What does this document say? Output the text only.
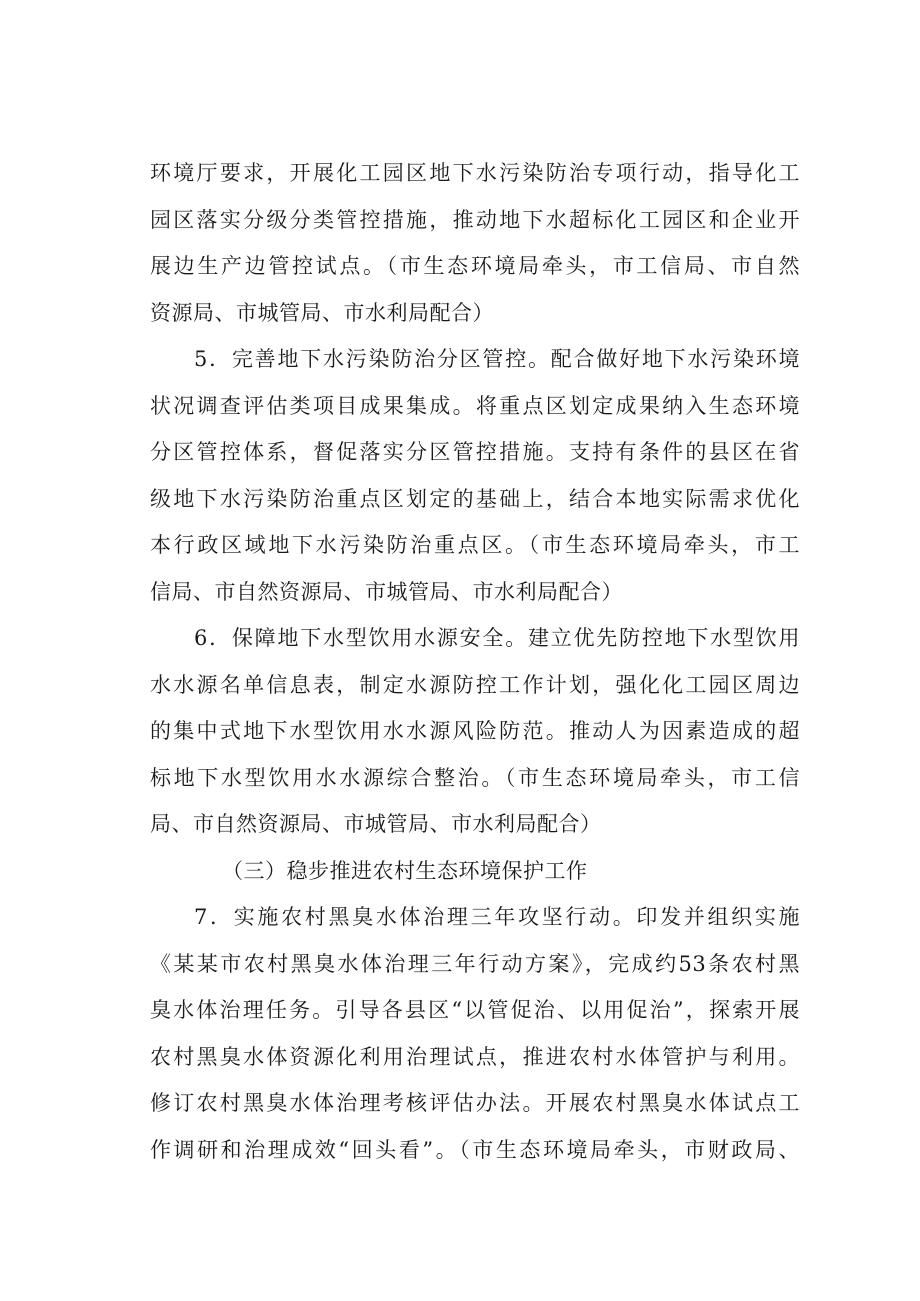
环境厅要求，开展化工园区地下水污染防治专项行动，指导化工
园区落实分级分类管控措施，推动地下水超标化工园区和企业开
展边生产边管控试点。（市生态环境局牵头，市工信局、市自然
资源局、市城管局、市水利局配合）
5．完善地下水污染防治分区管控。配合做好地下水污染环境
状况调查评估类项目成果集成。将重点区划定成果纳入生态环境
分区管控体系，督促落实分区管控措施。支持有条件的县区在省
级地下水污染防治重点区划定的基础上，结合本地实际需求优化
本行政区域地下水污染防治重点区。（市生态环境局牵头，市工
信局、市自然资源局、市城管局、市水利局配合）
6．保障地下水型饮用水源安全。建立优先防控地下水型饮用
水水源名单信息表，制定水源防控工作计划，强化化工园区周边
的集中式地下水型饮用水水源风险防范。推动人为因素造成的超
标地下水型饮用水水源综合整治。（市生态环境局牵头，市工信
局、市自然资源局、市城管局、市水利局配合）
（三）稳步推进农村生态环境保护工作
7．实施农村黑臭水体治理三年攻坚行动。印发并组织实施
《某某市农村黑臭水体治理三年行动方案》，完成约53条农村黑
臭水体治理任务。引导各县区“以管促治、以用促治”，探索开展
农村黑臭水体资源化利用治理试点，推进农村水体管护与利用。
修订农村黑臭水体治理考核评估办法。开展农村黑臭水体试点工
作调研和治理成效“回头看”。（市生态环境局牵头，市财政局、
